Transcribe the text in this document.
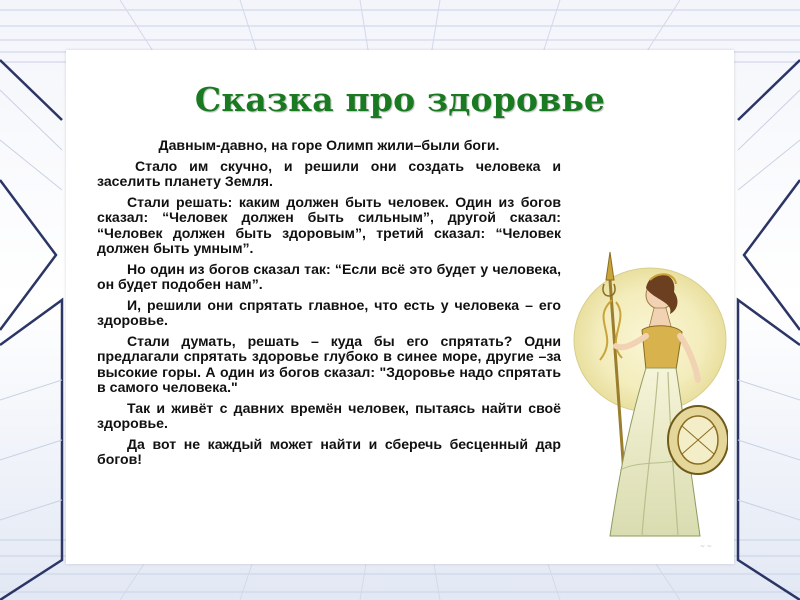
Сказка про здоровье

Давным-давно, на горе Олимп жили–были боги.

Стало им скучно, и решили они создать человека и заселить планету Земля.

Стали решать: каким должен быть человек. Один из богов сказал: “Человек должен быть сильным”, другой сказал: “Человек должен быть здоровым”, третий сказал: “Человек должен быть умным”.

Но один из богов сказал так: “Если всё это будет у человека, он будет подобен нам”.

И, решили они спрятать главное, что есть у человека – его здоровье.

Стали думать, решать – куда бы его спрятать? Одни предлагали спрятать здоровье глубоко в синее море, другие –за высокие горы. А один из богов сказал: "Здоровье надо спрятать в самого человека."

Так и живёт с давних времён человек, пытаясь найти своё здоровье.

Да вот не каждый может найти и сберечь бесценный дар богов!

~ ~
